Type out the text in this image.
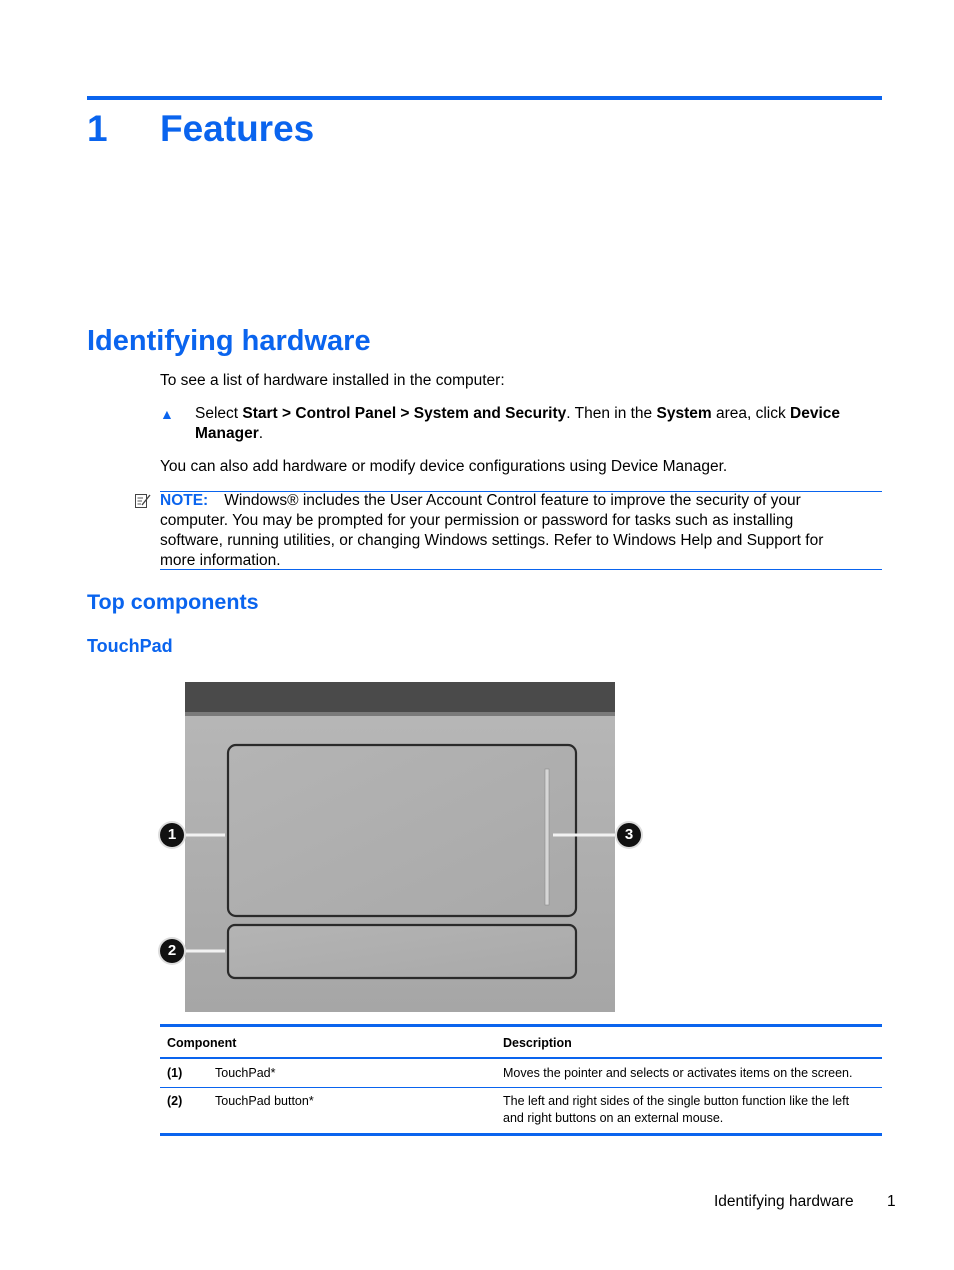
1 Features
Identifying hardware
To see a list of hardware installed in the computer:
▲ Select Start > Control Panel > System and Security. Then in the System area, click Device
Manager.
You can also add hardware or modify device configurations using Device Manager.
NOTE: Windows® includes the User Account Control feature to improve the security of your
computer. You may be prompted for your permission or password for tasks such as installing
software, running utilities, or changing Windows settings. Refer to Windows Help and Support for
more information.
Top components
TouchPad
1
2
3
Component	Description
(1)	TouchPad*	Moves the pointer and selects or activates items on the screen.
(2)	TouchPad button*	The left and right sides of the single button function like the left
and right buttons on an external mouse.
Identifying hardware 1
